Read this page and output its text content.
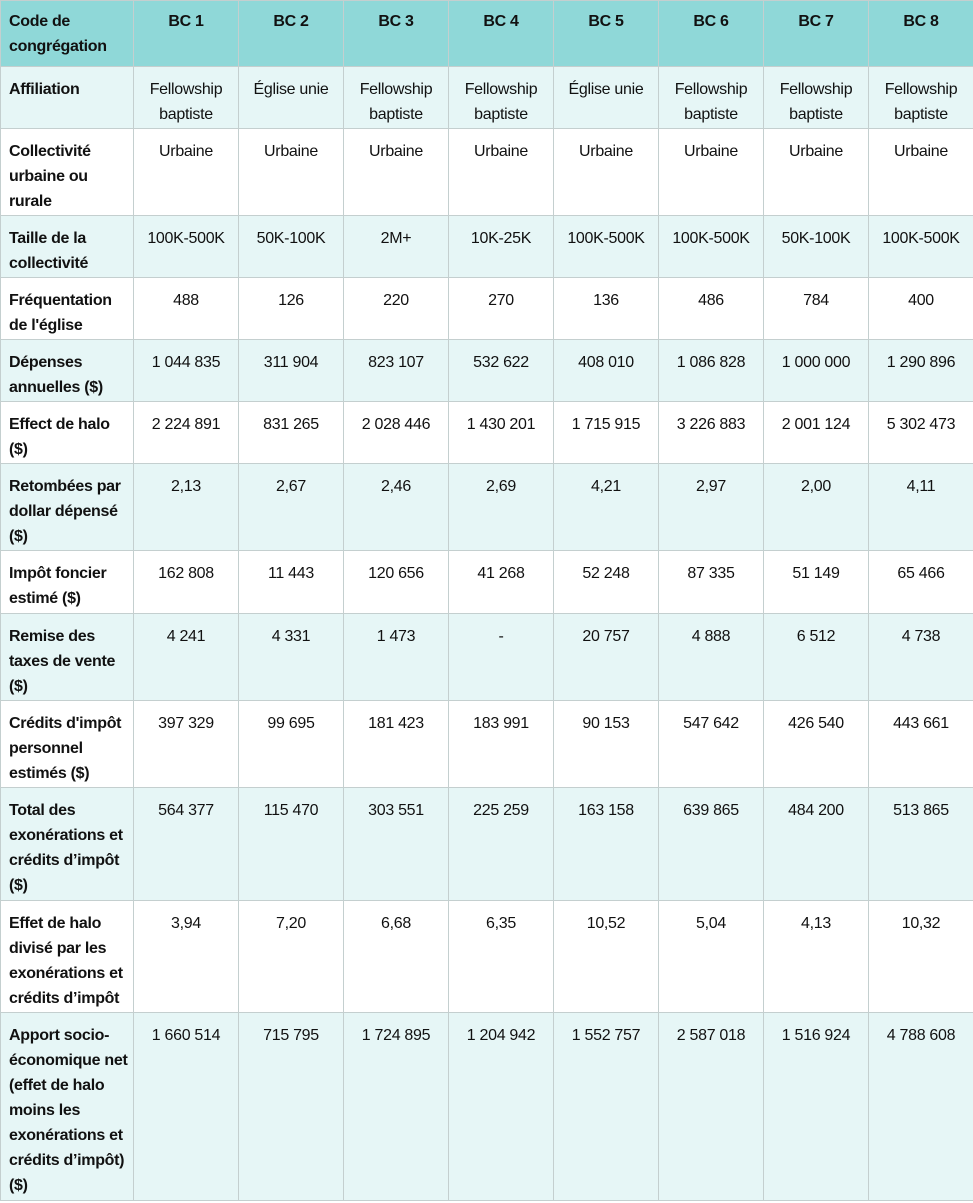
Code de congrégation	BC 1	BC 2	BC 3	BC 4	BC 5	BC 6	BC 7	BC 8
Affiliation	Fellowship baptiste	Église unie	Fellowship baptiste	Fellowship baptiste	Église unie	Fellowship baptiste	Fellowship baptiste	Fellowship baptiste
Collectivité urbaine ou rurale	Urbaine	Urbaine	Urbaine	Urbaine	Urbaine	Urbaine	Urbaine	Urbaine
Taille de la collectivité	100K-500K	50K-100K	2M+	10K-25K	100K-500K	100K-500K	50K-100K	100K-500K
Fréquentation de l'église	488	126	220	270	136	486	784	400
Dépenses annuelles ($)	1 044 835	311 904	823 107	532 622	408 010	1 086 828	1 000 000	1 290 896
Effect de halo ($)	2 224 891	831 265	2 028 446	1 430 201	1 715 915	3 226 883	2 001 124	5 302 473
Retombées par dollar dépensé ($)	2,13	2,67	2,46	2,69	4,21	2,97	2,00	4,11
Impôt foncier estimé ($)	162 808	11 443	120 656	41 268	52 248	87 335	51 149	65 466
Remise des taxes de vente ($)	4 241	4 331	1 473	-	20 757	4 888	6 512	4 738
Crédits d'impôt personnel estimés ($)	397 329	99 695	181 423	183 991	90 153	547 642	426 540	443 661
Total des exonérations et crédits d’impôt ($)	564 377	115 470	303 551	225 259	163 158	639 865	484 200	513 865
Effet de halo divisé par les exonérations et crédits d’impôt	3,94	7,20	6,68	6,35	10,52	5,04	4,13	10,32
Apport socio-économique net (effet de halo moins les exonérations et crédits d’impôt) ($)	1 660 514	715 795	1 724 895	1 204 942	1 552 757	2 587 018	1 516 924	4 788 608
